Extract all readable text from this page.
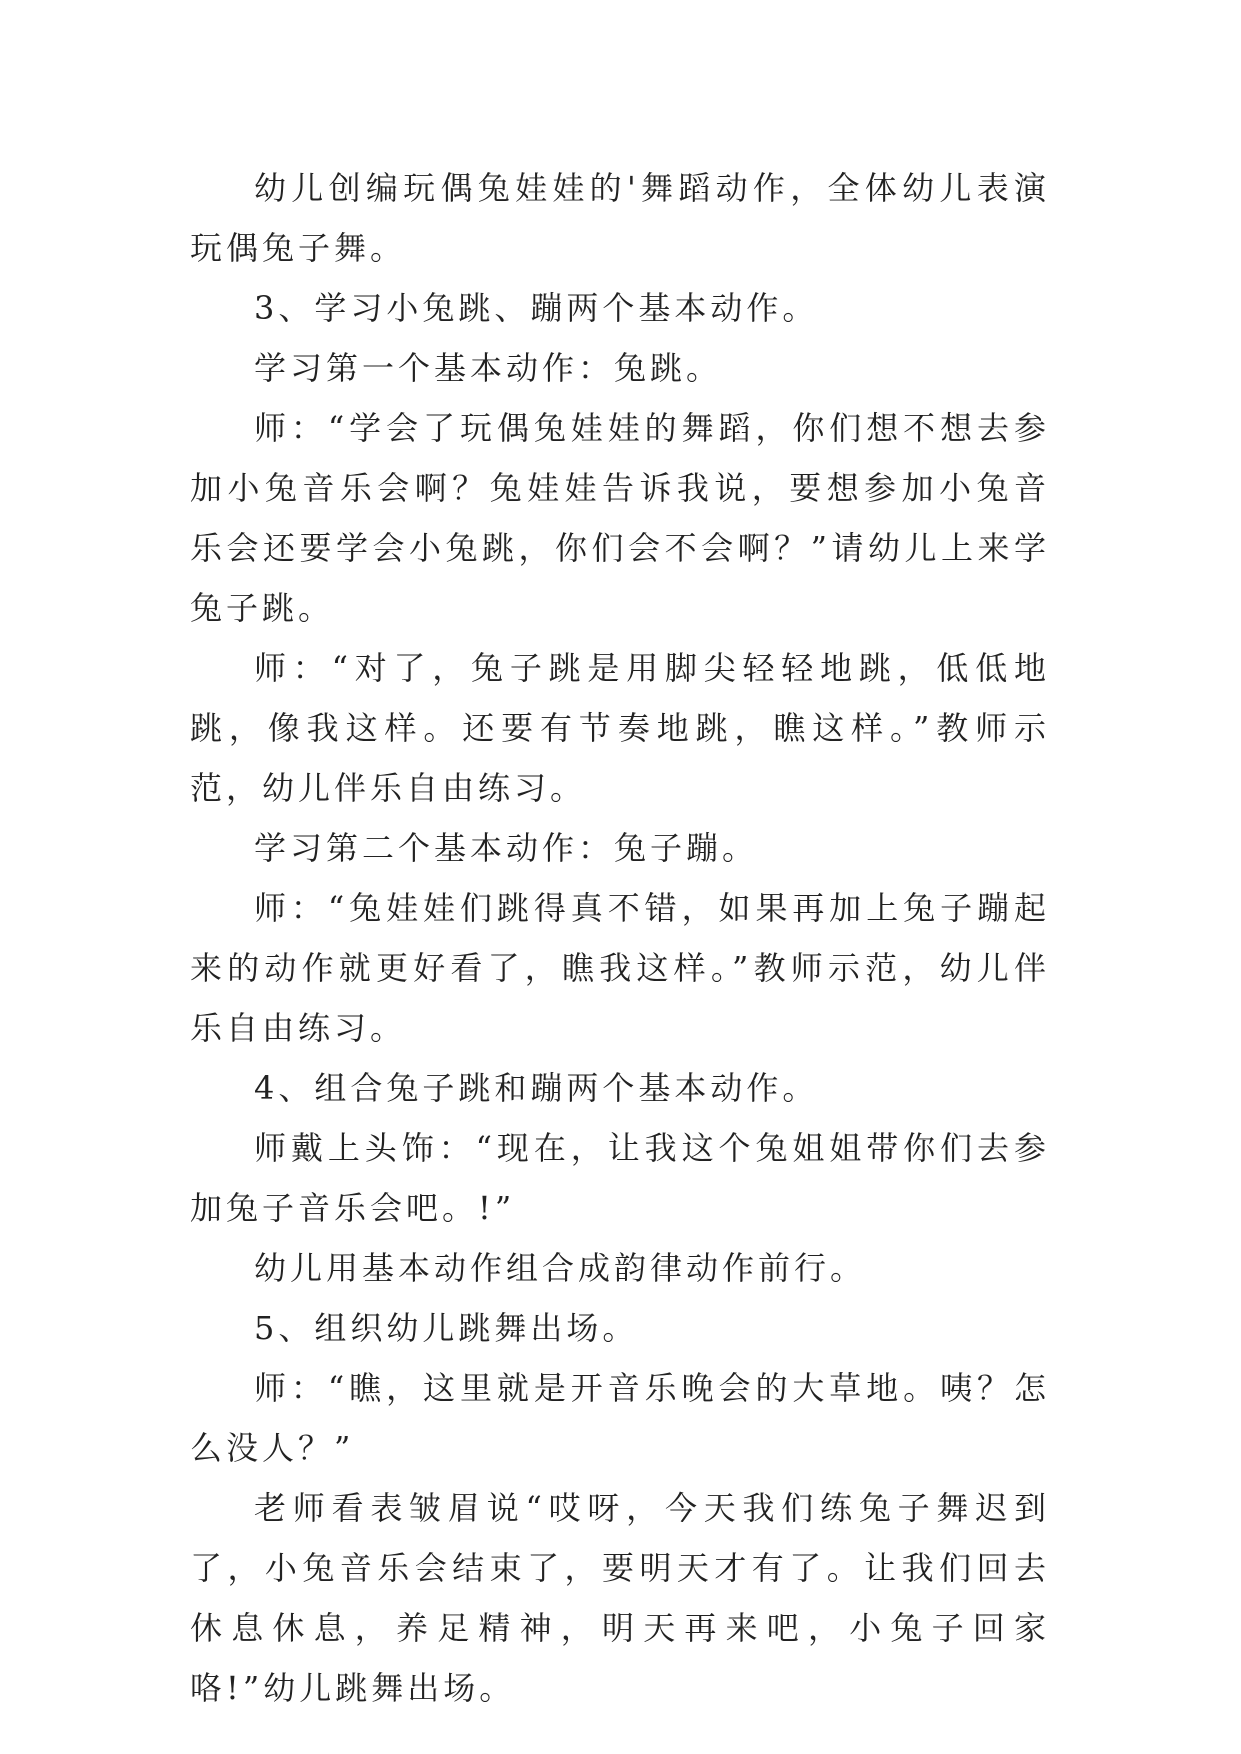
幼儿创编玩偶兔娃娃的'舞蹈动作，全体幼儿表演玩偶兔子舞。

3、学习小兔跳、蹦两个基本动作。

学习第一个基本动作：兔跳。

师：“学会了玩偶兔娃娃的舞蹈，你们想不想去参加小兔音乐会啊？兔娃娃告诉我说，要想参加小兔音乐会还要学会小兔跳，你们会不会啊？”请幼儿上来学兔子跳。

师：“对了，兔子跳是用脚尖轻轻地跳，低低地跳，像我这样。还要有节奏地跳，瞧这样。”教师示范，幼儿伴乐自由练习。

学习第二个基本动作：兔子蹦。

师：“兔娃娃们跳得真不错，如果再加上兔子蹦起来的动作就更好看了，瞧我这样。”教师示范，幼儿伴乐自由练习。

4、组合兔子跳和蹦两个基本动作。

师戴上头饰：“现在，让我这个兔姐姐带你们去参加兔子音乐会吧。!”

幼儿用基本动作组合成韵律动作前行。

5、组织幼儿跳舞出场。

师：“瞧，这里就是开音乐晚会的大草地。咦？怎么没人？”

老师看表皱眉说“哎呀，今天我们练兔子舞迟到了，小兔音乐会结束了，要明天才有了。让我们回去休息休息，养足精神，明天再来吧，小兔子回家咯!”幼儿跳舞出场。
